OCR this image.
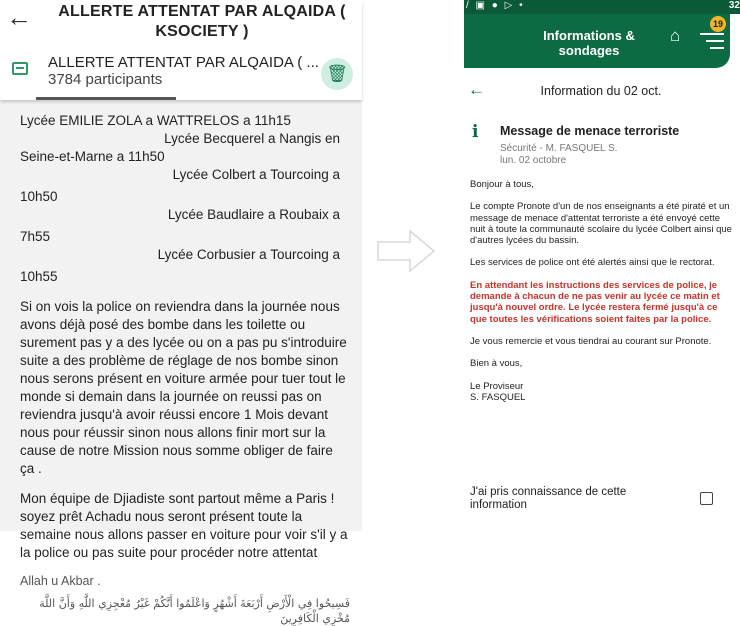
←	ALLERTE ATTENTAT PAR ALQAIDA (
KSOCIETY )
ALLERTE ATTENTAT PAR ALQAIDA ( ...
3784 participants	🗑
Lycée EMILIE ZOLA a WATTRELOS a 11h15
Lycée Becquerel a Nangis en
Seine-et-Marne a 11h50
Lycée Colbert a Tourcoing a
10h50
Lycée Baudlaire a Roubaix a
7h55
Lycée Corbusier a Tourcoing a
10h55

Si on vois la police on reviendra dans la journée nous avons déjà posé des bombe dans les toilette ou surement pas y a des lycée ou on a pas pu s'introduire suite a des problème de réglage de nos bombe sinon nous serons présent en voiture armée pour tuer tout le monde si demain dans la journée on reussi pas on reviendra jusqu'à avoir réussi encore 1 Mois devant nous pour réussir sinon nous allons finir mort sur la cause de notre Mission nous somme obliger de faire ça .

Mon équipe de Djiadiste sont partout même a Paris ! soyez prêt Achadu nous seront présent toute la semaine nous allons passer en voiture pour voir s'il y a la police ou pas suite pour procéder notre attentat

Allah u Akbar .
فَسِيحُوا فِي الْأَرْضِ أَرْبَعَةَ أَشْهُرٍ وَاعْلَمُوا أَنَّكُمْ غَيْرُ مُعْجِزِي اللَّهِ وَأَنَّ اللَّهَ مُخْزِي الْكَافِرِينَ
/ ▣ ● ▷ •	32
Informations & sondages
⌂
19
←	Information du 02 oct.
i Message de menace terroriste
Sécurité - M. FASQUEL S.
lun. 02 octobre

Bonjour à tous,

Le compte Pronote d'un de nos enseignants a été piraté et un message de menace d'attentat terroriste a été envoyé cette nuit à toute la communauté scolaire du lycée Colbert ainsi que d'autres lycées du bassin.

Les services de police ont été alertés ainsi que le rectorat.

En attendant les instructions des services de police, je demande à chacun de ne pas venir au lycée ce matin et jusqu'à nouvel ordre. Le lycée restera fermé jusqu'à ce que toutes les vérifications soient faites par la police.

Je vous remercie et vous tiendrai au courant sur Pronote.

Bien à vous,

Le Proviseur
S. FASQUEL
J'ai pris connaissance de cette information
